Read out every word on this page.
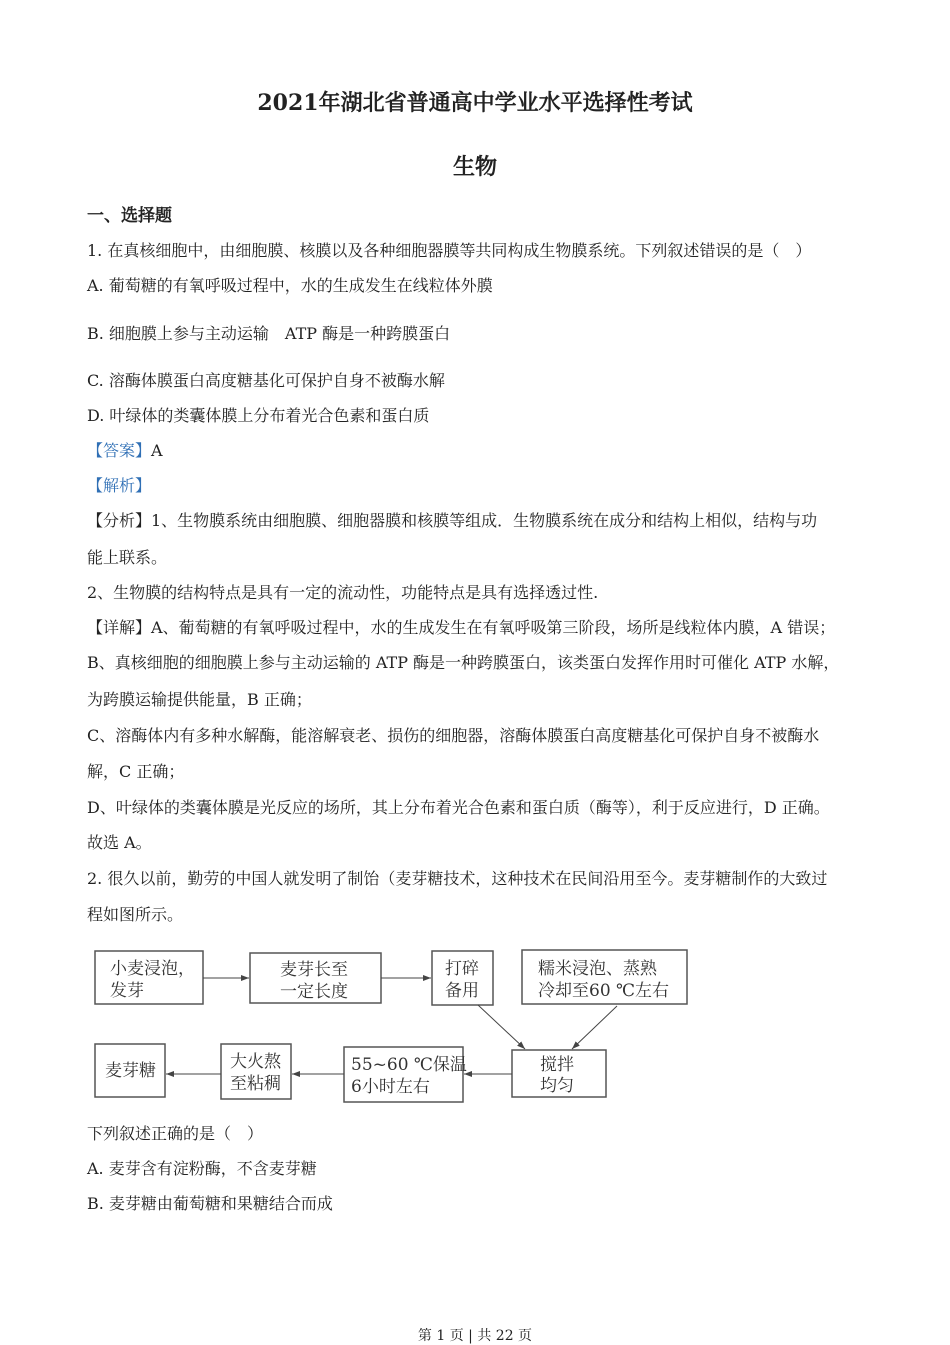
2021年湖北省普通高中学业水平选择性考试
生物
一、选择题
1. 在真核细胞中，由细胞膜、核膜以及各种细胞器膜等共同构成生物膜系统。下列叙述错误的是（　）
A. 葡萄糖的有氧呼吸过程中，水的生成发生在线粒体外膜
B. 细胞膜上参与主动运输　ATP 酶是一种跨膜蛋白
C. 溶酶体膜蛋白高度糖基化可保护自身不被酶水解
D. 叶绿体的类囊体膜上分布着光合色素和蛋白质
【答案】A
【解析】
【分析】1、生物膜系统由细胞膜、细胞器膜和核膜等组成．生物膜系统在成分和结构上相似，结构与功
能上联系。
2、生物膜的结构特点是具有一定的流动性，功能特点是具有选择透过性.
【详解】A、葡萄糖的有氧呼吸过程中，水的生成发生在有氧呼吸第三阶段，场所是线粒体内膜，A 错误；
B、真核细胞的细胞膜上参与主动运输的 ATP 酶是一种跨膜蛋白，该类蛋白发挥作用时可催化 ATP 水解，
为跨膜运输提供能量，B 正确；
C、溶酶体内有多种水解酶，能溶解衰老、损伤的细胞器，溶酶体膜蛋白高度糖基化可保护自身不被酶水
解，C 正确；
D、叶绿体的类囊体膜是光反应的场所，其上分布着光合色素和蛋白质（酶等），利于反应进行，D 正确。
故选 A。
2. 很久以前，勤劳的中国人就发明了制饴（麦芽糖技术，这种技术在民间沿用至今。麦芽糖制作的大致过
程如图所示。
小麦浸泡，
发芽
麦芽长至
一定长度
打碎
备用
糯米浸泡、蒸熟
冷却至60 ℃左右
麦芽糖	大火熬
至粘稠
55~60 ℃保温
6小时左右
搅拌
均匀
下列叙述正确的是（　）
A. 麦芽含有淀粉酶，不含麦芽糖
B. 麦芽糖由葡萄糖和果糖结合而成
第 1 页 | 共 22 页
